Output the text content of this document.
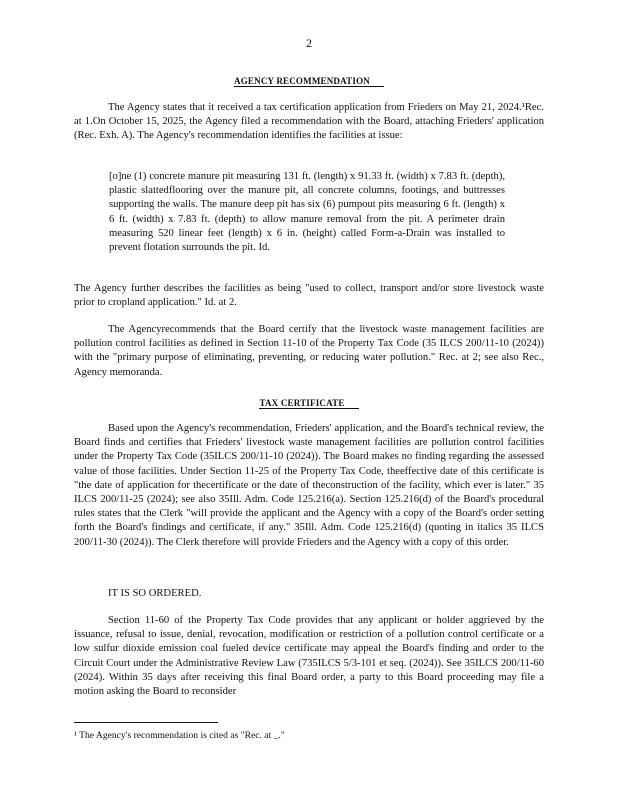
2
AGENCY RECOMMENDATION

The Agency states that it received a tax certification application from Frieders on May 21, 2024.¹Rec. at 1.On October 15, 2025, the Agency filed a recommendation with the Board, attaching Frieders' application (Rec. Exh. A). The Agency's recommendation identifies the facilities at issue:

[o]ne (1) concrete manure pit measuring 131 ft. (length) x 91.33 ft. (width) x 7.83 ft. (depth), plastic slattedflooring over the manure pit, all concrete columns, footings, and buttresses supporting the walls. The manure deep pit has six (6) pumpout pits measuring 6 ft. (length) x 6 ft. (width) x 7.83 ft. (depth) to allow manure removal from the pit. A perimeter drain measuring 520 linear feet (length) x 6 in. (height) called Form-a-Drain was installed to prevent flotation surrounds the pit. Id.

The Agency further describes the facilities as being "used to collect, transport and/or store livestock waste prior to cropland application." Id. at 2.

The Agencyrecommends that the Board certify that the livestock waste management facilities are pollution control facilities as defined in Section 11-10 of the Property Tax Code (35 ILCS 200/11-10 (2024)) with the "primary purpose of eliminating, preventing, or reducing water pollution." Rec. at 2; see also Rec., Agency memoranda.

TAX CERTIFICATE

Based upon the Agency's recommendation, Frieders' application, and the Board's technical review, the Board finds and certifies that Frieders' livestock waste management facilities are pollution control facilities under the Property Tax Code (35ILCS 200/11-10 (2024)). The Board makes no finding regarding the assessed value of those facilities. Under Section 11-25 of the Property Tax Code, theeffective date of this certificate is "the date of application for thecertificate or the date of theconstruction of the facility, which ever is later." 35 ILCS 200/11-25 (2024); see also 35Ill. Adm. Code 125.216(a). Section 125.216(d) of the Board's procedural rules states that the Clerk "will provide the applicant and the Agency with a copy of the Board's order setting forth the Board's findings and certificate, if any." 35Ill. Adm. Code 125.216(d) (quoting in italics 35 ILCS 200/11-30 (2024)). The Clerk therefore will provide Frieders and the Agency with a copy of this order.

IT IS SO ORDERED.

Section 11-60 of the Property Tax Code provides that any applicant or holder aggrieved by the issuance, refusal to issue, denial, revocation, modification or restriction of a pollution control certificate or a low sulfur dioxide emission coal fueled device certificate may appeal the Board's finding and order to the Circuit Court under the Administrative Review Law (735ILCS 5/3-101 et seq. (2024)). See 35ILCS 200/11-60 (2024). Within 35 days after receiving this final Board order, a party to this Board proceeding may file a motion asking the Board to reconsider

¹ The Agency's recommendation is cited as "Rec. at _."
